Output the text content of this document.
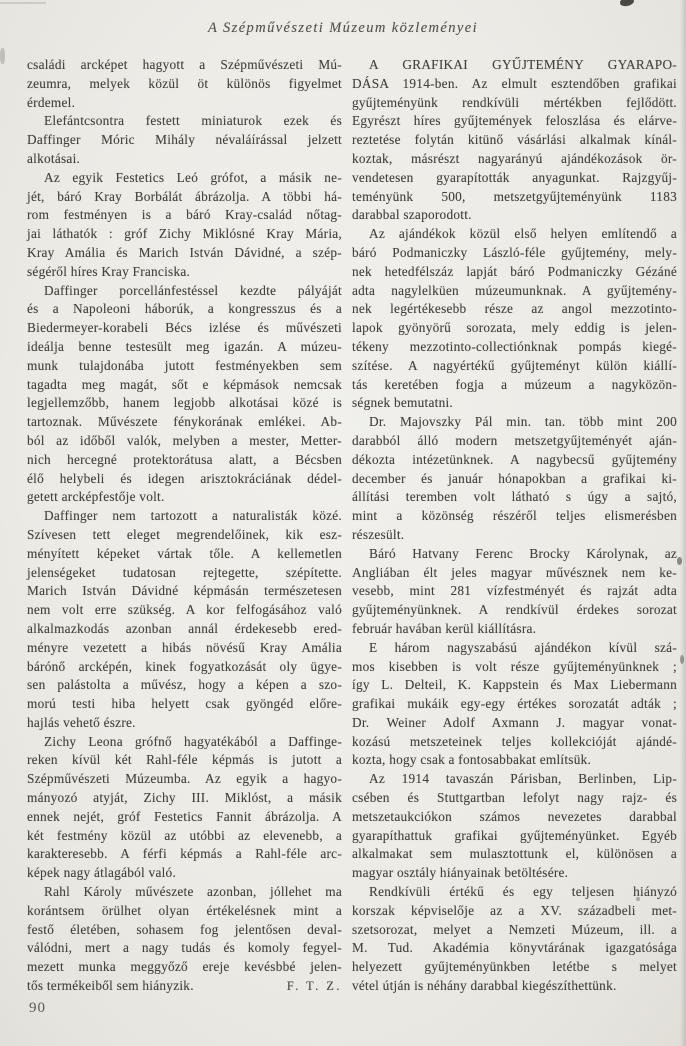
A Szépművészeti Múzeum közleményei
családi arcképet hagyott a Szépművészeti Mú-
zeumra, melyek közül öt különös figyelmet
érdemel.
Elefántcsontra festett miniaturok ezek és
Daffinger Móric Mihály névaláírással jelzett
alkotásai.
Az egyik Festetics Leó grófot, a másik ne-
jét, báró Kray Borbálát ábrázolja. A többi há-
rom festményen is a báró Kray-család nőtag-
jai láthatók : gróf Zichy Miklósné Kray Mária,
Kray Amália és Marich István Dávidné, a szép-
ségéről híres Kray Franciska.
Daffinger porcellánfestéssel kezdte pályáját
és a Napoleoni háborúk, a kongresszus és a
Biedermeyer-korabeli Bécs izlése és művészeti
ideálja benne testesült meg igazán. A múzeu-
munk tulajdonába jutott festményekben sem
tagadta meg magát, sőt e képmások nemcsak
legjellemzőbb, hanem legjobb alkotásai közé is
tartoznak. Művészete fénykorának emlékei. Ab-
ból az időből valók, melyben a mester, Metter-
nich hercegné protektorátusa alatt, a Bécsben
élő helybeli és idegen arisztokráciának dédel-
getett arcképfestője volt.
Daffinger nem tartozott a naturalisták közé.
Szívesen tett eleget megrendelőinek, kik esz-
ményített képeket vártak tőle. A kellemetlen
jelenségeket tudatosan rejtegette, szépítette.
Marich István Dávidné képmásán természetesen
nem volt erre szükség. A kor felfogásához való
alkalmazkodás azonban annál érdekesebb ered-
ményre vezetett a hibás növésű Kray Amália
bárónő arcképén, kinek fogyatkozását oly ügye-
sen palástolta a művész, hogy a képen a szo-
morú testi hiba helyett csak gyöngéd előre-
hajlás vehető észre.
Zichy Leona grófnő hagyatékából a Daffinge-
reken kívül két Rahl-féle képmás is jutott a
Szépművészeti Múzeumba. Az egyik a hagyo-
mányozó atyját, Zichy III. Miklóst, a másik
ennek nejét, gróf Festetics Fannit ábrázolja. A
két festmény közül az utóbbi az elevenebb, a
karakteresebb. A férfi képmás a Rahl-féle arc-
képek nagy átlagából való.
Rahl Károly művészete azonban, jóllehet ma
korántsem örülhet olyan értékelésnek mint a
festő életében, sohasem fog jelentősen deval-
válódni, mert a nagy tudás és komoly fegyel-
mezett munka meggyőző ereje kevésbbé jelen-
F. T. Z.
tős termékeiből sem hiányzik.
A GRAFIKAI GYŰJTEMÉNY GYARAPO-
DÁSA 1914-ben. Az elmult esztendőben grafikai
gyűjteményünk rendkívüli mértékben fejlődött.
Egyrészt híres gyűjtemények feloszlása és elárve-
reztetése folytán kitünő vásárlási alkalmak kínál-
koztak, másrészt nagyarányú ajándékozások ör-
vendetesen gyarapították anyagunkat. Rajzgyűj-
teményünk 500, metszetgyűjteményünk 1183
darabbal szaporodott.
Az ajándékok közül első helyen említendő a
báró Podmaniczky László-féle gyűjtemény, mely-
nek hetedfélszáz lapját báró Podmaniczky Gézáné
adta nagylelküen múzeumunknak. A gyűjtemény-
nek legértékesebb része az angol mezzotinto-
lapok gyönyörű sorozata, mely eddig is jelen-
tékeny mezzotinto-collectiónknak pompás kiegé-
szítése. A nagyértékű gyűjteményt külön kiállí-
tás keretében fogja a múzeum a nagyközön-
ségnek bemutatni.
Dr. Majovszky Pál min. tan. több mint 200
darabból álló modern metszetgyűjteményét aján-
dékozta intézetünknek. A nagybecsű gyűjtemény
december és január hónapokban a grafikai ki-
állítási teremben volt látható s úgy a sajtó,
mint a közönség részéről teljes elismerésben
részesült.
Báró Hatvany Ferenc Brocky Károlynak, az
Angliában élt jeles magyar művésznek nem ke-
vesebb, mint 281 vízfestményét és rajzát adta
gyűjteményünknek. A rendkívül érdekes sorozat
február havában kerül kiállításra.
E három nagyszabású ajándékon kívül szá-
mos kisebben is volt része gyűjteményünknek ;
így L. Delteil, K. Kappstein és Max Liebermann
grafikai mukáik egy-egy értékes sorozatát adták ;
Dr. Weiner Adolf Axmann J. magyar vonat-
kozású metszeteinek teljes kollekcióját ajándé-
kozta, hogy csak a fontosabbakat említsük.
Az 1914 tavaszán Párisban, Berlinben, Lip-
csében és Stuttgartban lefolyt nagy rajz- és
metszetaukciókon számos nevezetes darabbal
gyarapíthattuk grafikai gyűjteményünket. Egyéb
alkalmakat sem mulasztottunk el, különösen a
magyar osztály hiányainak betöltésére.
Rendkívüli értékű és egy teljesen hiányzó
korszak képviselője az a XV. századbeli met-
szetsorozat, melyet a Nemzeti Múzeum, ill. a
M. Tud. Akadémia könyvtárának igazgatósága
helyezett gyűjteményünkben letétbe s melyet
vétel útján is néhány darabbal kiegészíthettünk.
90
